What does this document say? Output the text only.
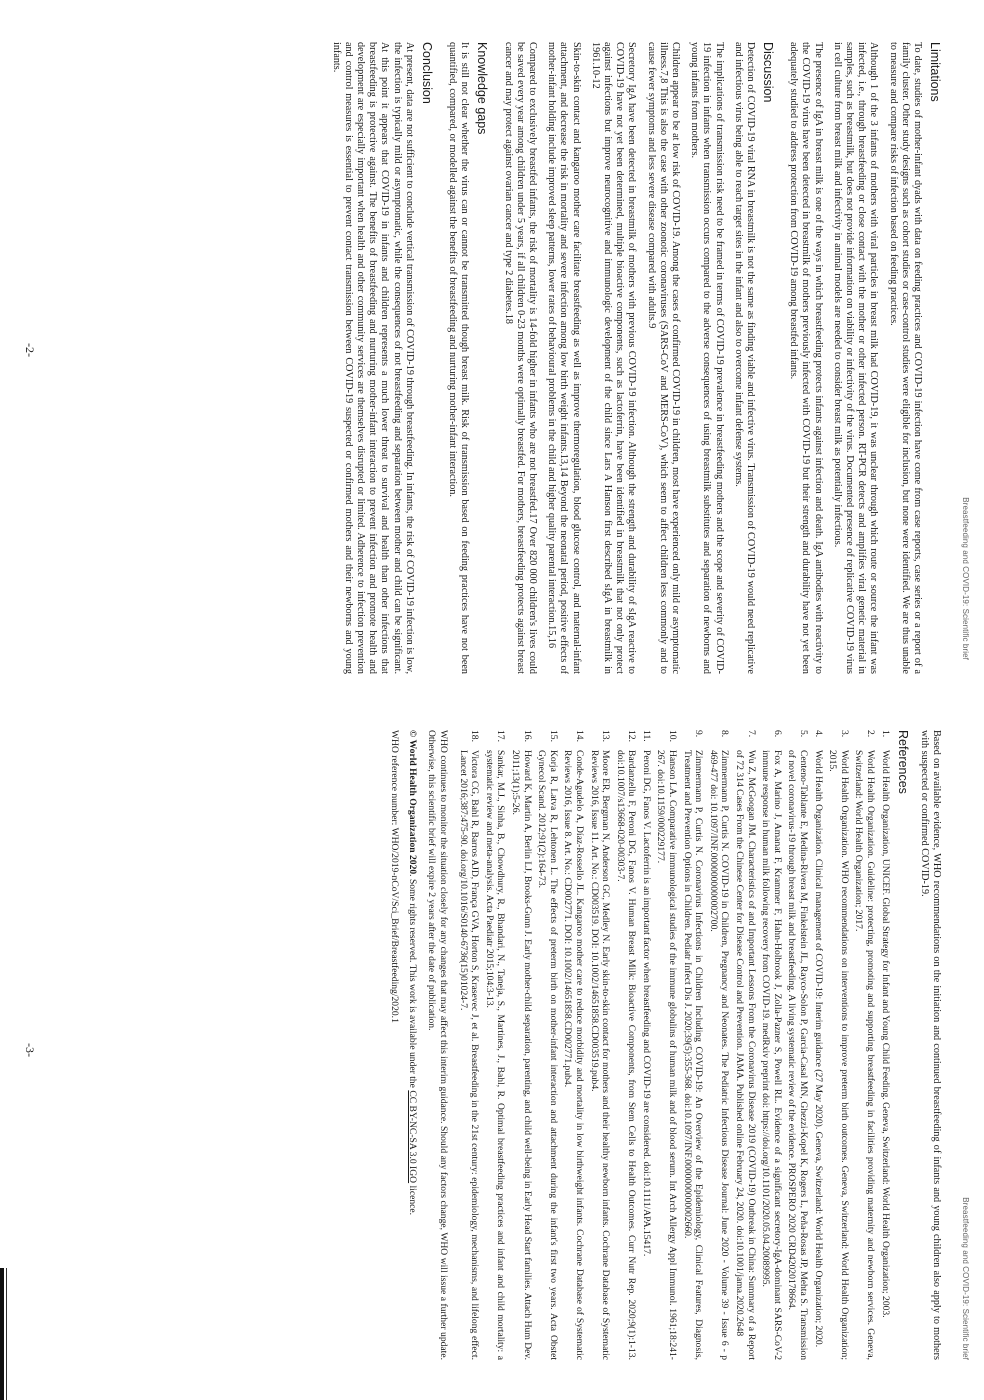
Breastfeeding and COVID-19: Scientific brief
Limitations

To date, studies of mother-infant dyads with data on feeding practices and COVID-19 infection have come from case reports, case series or a report of a family cluster. Other study designs such as cohort studies or case-control studies were eligible for inclusion, but none were identified. We are thus unable to measure and compare risks of infection based on feeding practices.

Although 1 of the 3 infants of mothers with viral particles in breast milk had COVID-19, it was unclear through which route or source the infant was infected, i.e., through breastfeeding or close contact with the mother or other infected person. RT-PCR detects and amplifies viral genetic material in samples, such as breastmilk, but does not provide information on viability or infectivity of the virus. Documented presence of replicative COVID-19 virus in cell culture from breast milk and infectivity in animal models are needed to consider breast milk as potentially infectious.

The presence of IgA in breast milk is one of the ways in which breastfeeding protects infants against infection and death. IgA antibodies with reactivity to the COVID-19 virus have been detected in breastmilk of mothers previously infected with COVID-19 but their strength and durability have not yet been adequately studied to address protection from COVID-19 among breastfed infants.

Discussion

Detection of COVID-19 viral RNA in breastmilk is not the same as finding viable and infective virus. Transmission of COVID-19 would need replicative and infectious virus being able to reach target sites in the infant and also to overcome infant defense systems.

The implications of transmission risk need to be framed in terms of COVID-19 prevalence in breastfeeding mothers and the scope and severity of COVID-19 infection in infants when transmission occurs compared to the adverse consequences of using breastmilk substitutes and separation of newborns and young infants from mothers.

Children appear to be at low risk of COVID-19. Among the cases of confirmed COVID-19 in children, most have experienced only mild or asymptomatic illness.7,8 This is also the case with other zoonotic coronaviruses (SARS-CoV and MERS-CoV), which seem to affect children less commonly and to cause fewer symptoms and less severe disease compared with adults.9

Secretory IgA have been detected in breastmilk of mothers with previous COVID-19 infection. Although the strength and durability of sIgA reactive to COVID-19 have not yet been determined, multiple bioactive components, such as lactoferrin, have been identified in breastmilk that not only protect against infections but improve neurocognitive and immunologic development of the child since Lars A Hanson first described sIgA in breastmilk in 1961.10-12

Skin-to-skin contact and kangaroo mother care facilitate breastfeeding as well as improve thermoregulation, blood glucose control, and maternal-infant attachment, and decrease the risk in mortality and severe infection among low birth weight infants.13,14 Beyond the neonatal period, positive effects of mother-infant holding include improved sleep patterns, lower rates of behavioural problems in the child and higher quality parental interaction.15,16

Compared to exclusively breastfed infants, the risk of mortality is 14-fold higher in infants who are not breastfed.17 Over 820 000 children's lives could be saved every year among children under 5 years, if all children 0-23 months were optimally breastfed. For mothers, breastfeeding protects against breast cancer and may protect against ovarian cancer and type 2 diabetes.18

Knowledge gaps

It is still not clear whether the virus can or cannot be transmitted though breast milk. Risk of transmission based on feeding practices have not been quantified, compared, or modelled against the benefits of breastfeeding and nurturing mother-infant interaction.

Conclusion

At present, data are not sufficient to conclude vertical transmission of COVID-19 through breastfeeding. In infants, the risk of COVID-19 infection is low, the infection is typically mild or asymptomatic, while the consequences of not breastfeeding and separation between mother and child can be significant. At this point it appears that COVID-19 in infants and children represents a much lower threat to survival and health than other infections that breastfeeding is protective against. The benefits of breastfeeding and nurturing mother-infant interaction to prevent infection and promote health and development are especially important when health and other community services are themselves disrupted or limited. Adherence to infection prevention and control measures is essential to prevent contact transmission between COVID-19 suspected or confirmed mothers and their newborns and young infants.

-2-
Breastfeeding and COVID-19: Scientific brief

Based on available evidence, WHO recommendations on the initiation and continued breastfeeding of infants and young children also apply to mothers with suspected or confirmed COVID-19.

References
1.
World Health Organization, UNICEF. Global Strategy for Infant and Young Child Feeding. Geneva, Switzerland: World Health Organization; 2003.
2.
World Health Organization. Guideline: protecting, promoting and supporting breastfeeding in facilities providing maternity and newborn services. Geneva, Switzerland: World Health Organization; 2017.
3.
World Health Organization. WHO recommendations on interventions to improve preterm birth outcomes. Geneva, Switzerland: World Health Organization; 2015.
4.
World Health Organization. Clinical management of COVID-19: Interim guidance (27 May 2020). Geneva, Switzerland: World Health Organization; 2020.
5.
Centeno-Tablante E, Medina-Rivera M, Finkelstein JL, Rayco-Solon P, Garcia-Casal MN, Ghezzi-Kopel K, Rogers L, Peña-Rosas JP, Mehta S. Transmission of novel coronavirus-19 through breast milk and breastfeeding. A living systematic review of the evidence. PROSPERO 2020 CRD42020178664.
6.
Fox A, Marino J, Amanat F, Krammer F, Hahn-Holbrook J, Zolla-Pazner S, Powell RL. Evidence of a significant secretory-IgA-dominant SARS-CoV-2 immune response in human milk following recovery from COVID-19. medRxiv preprint doi: https://doi.org/10.1101/2020.05.04.20089995.
7.
Wu Z, McGoogan JM. Characteristics of and Important Lessons From the Coronavirus Disease 2019 (COVID-19) Outbreak in China: Summary of a Report of 72 314 Cases From the Chinese Center for Disease Control and Prevention. JAMA. Published online February 24, 2020. doi:10.1001/jama.2020.2648
8.
Zimmermann P, Curtis N. COVID-19 in Children, Pregnancy and Neonates. The Pediatric Infectious Disease Journal: June 2020 - Volume 39 - Issue 6 - p 469-477 doi: 10.1097/INF.0000000000002700.
9.
Zimmermann P, Curtis N. Coronavirus Infections in Children Including COVID-19: An Overview of the Epidemiology, Clinical Features, Diagnosis, Treatment and Prevention Options in Children. Pediatr Infect Dis J. 2020;39(5):355-368. doi:10.1097/INF.0000000000002660.
10.
Hanson LA. Comparative immunological studies of the immune globulins of human milk and of blood serum. Int Arch Allergy Appl Immunol. 1961;18:241-267. doi:10.1159/000229177.
11.
Peroni DG, Fanos V. Lactoferrin is an important factor when breastfeeding and COVID-19 are considered. doi:10.1111/APA.15417.
12.
Bardanzellu F, Peroni DG, Fanos V. Human Breast Milk: Bioactive Components, from Stem Cells to Health Outcomes. Curr Nutr Rep. 2020;9(1):1-13. doi:10.1007/s13668-020-00303-7.
13.
Moore ER, Bergman N, Anderson GC, Medley N. Early skin-to-skin contact for mothers and their healthy newborn infants. Cochrane Database of Systematic Reviews 2016, Issue 11. Art. No.: CD003519. DOI: 10.1002/14651858.CD003519.pub4.
14.
Conde-Agudelo A, Díaz-Rossello JL. Kangaroo mother care to reduce morbidity and mortality in low birthweight infants. Cochrane Database of Systematic Reviews 2016, Issue 8. Art. No.: CD002771. DOI: 10.1002/14651858.CD002771.pub4.
15.
Korja R, Latva R, Lehtonen L. The effects of preterm birth on mother-infant interaction and attachment during the infant's first two years. Acta Obstet Gynecol Scand. 2012;91(2):164-73.
16.
Howard K, Martin A, Berlin LJ, Brooks-Gunn J. Early mother-child separation, parenting, and child well-being in Early Head Start families. Attach Hum Dev. 2011;13(1):5-26.
17.
Sankar, M.J., Sinha, B., Chowdhury, R., Bhandari, N., Taneja, S., Martines, J., Bahl, R. Optimal breastfeeding practices and infant and child mortality: a systematic review and meta-analysis. Acta Paediatr 2015;104:3-13.
18.
Victora CG, Bahl R, Barros AJD, França GVA, Horton S, Krasevec J, et al. Breastfeeding in the 21st century: epidemiology, mechanisms, and lifelong effect. Lancet 2016;387:475-90. doi.org/10.1016/S0140-6736(15)01024-7.

WHO continues to monitor the situation closely for any changes that may affect this interim guidance. Should any factors change, WHO will issue a further update. Otherwise, this scientific brief will expire 2 years after the date of publication.

© World Health Organization 2020. Some rights reserved. This work is available under the CC BY-NC-SA 3.0 IGO licence.

WHO reference number: WHO/2019-nCoV/Sci_Brief/Breastfeeding/2020.1

-3-
